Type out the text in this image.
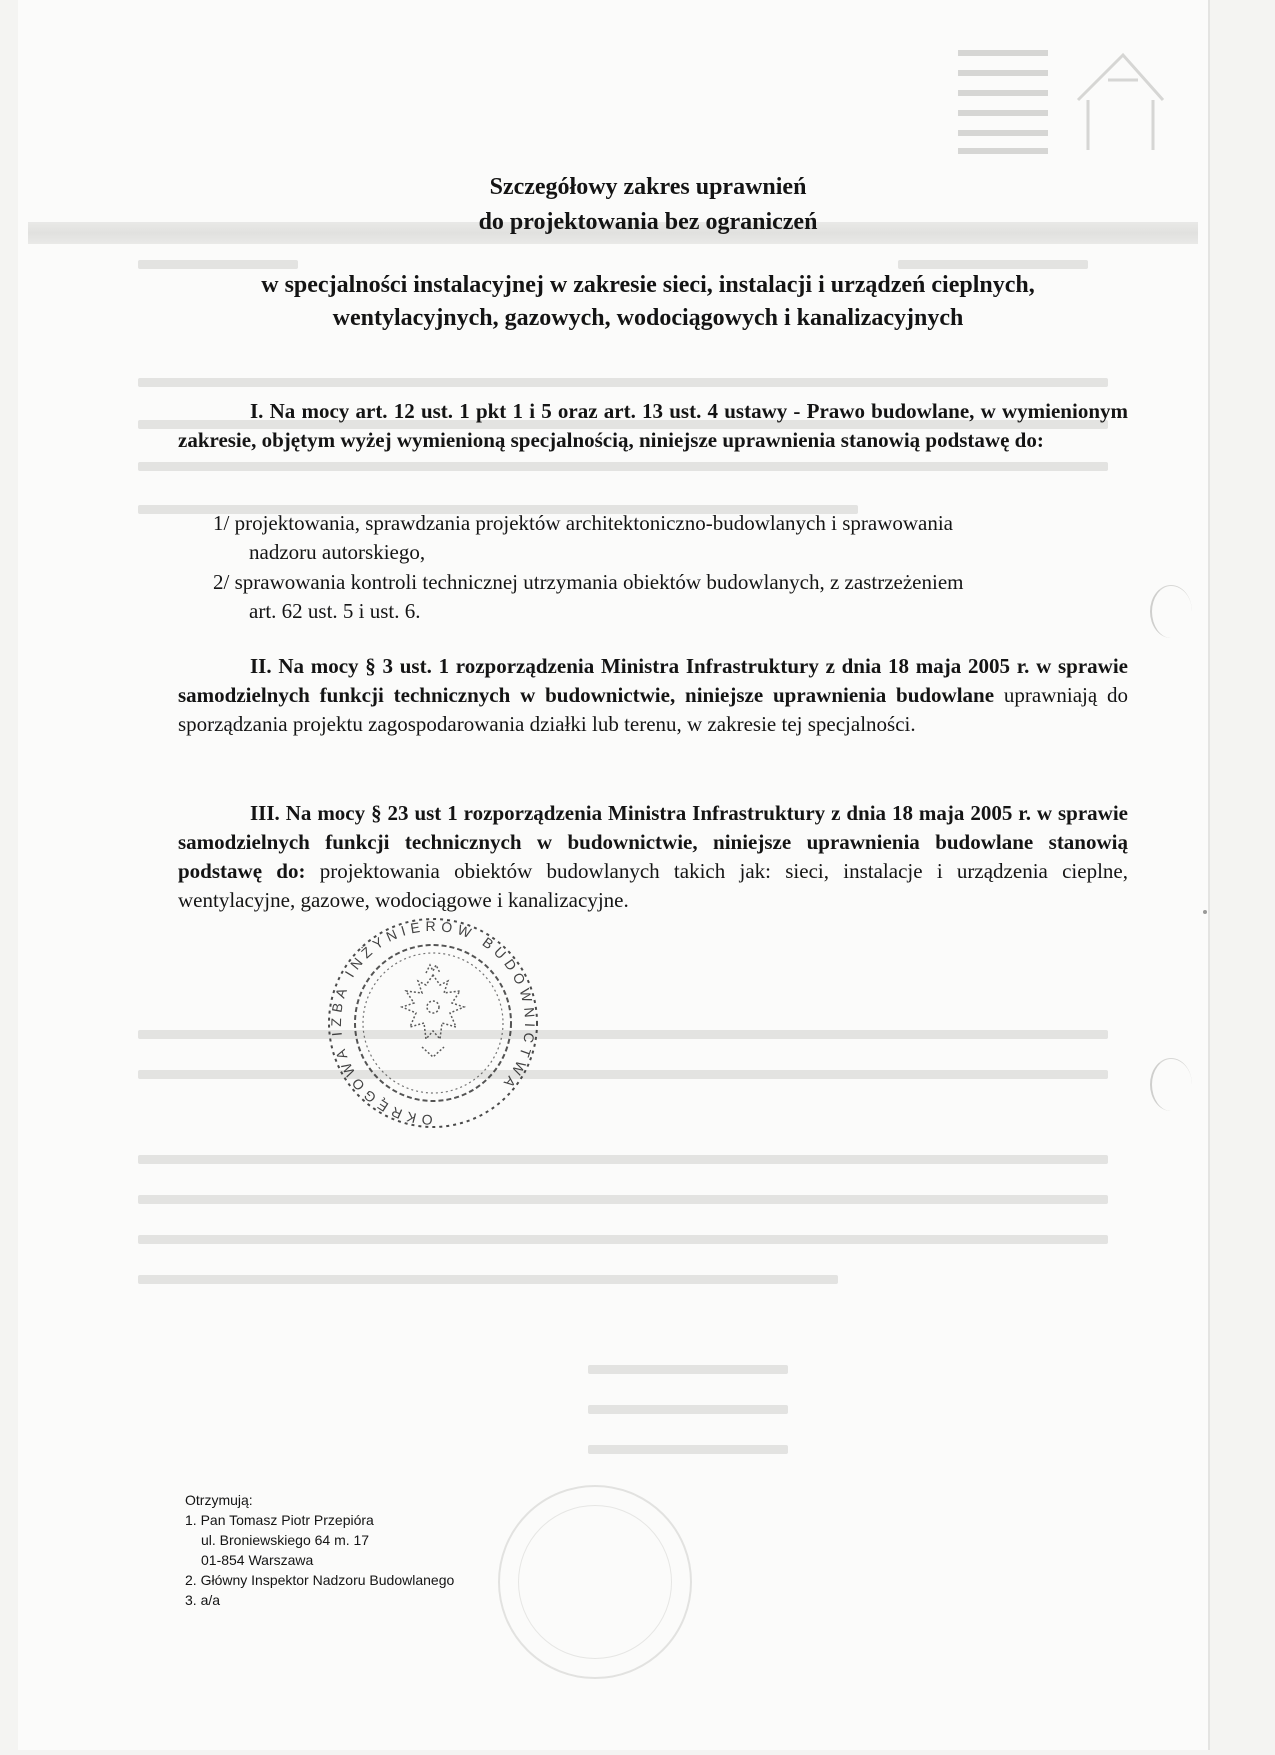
Szczegółowy zakres uprawnień
do projektowania bez ograniczeń
w specjalności instalacyjnej w zakresie sieci, instalacji i urządzeń cieplnych,
wentylacyjnych, gazowych, wodociągowych i kanalizacyjnych
I. Na mocy art. 12 ust. 1 pkt 1 i 5 oraz art. 13 ust. 4 ustawy - Prawo budowlane, w wymienionym zakresie, objętym wyżej wymienioną specjalnością, niniejsze uprawnienia stanowią podstawę do:
1/ projektowania, sprawdzania projektów architektoniczno-budowlanych i sprawowania
nadzoru autorskiego,
2/ sprawowania kontroli technicznej utrzymania obiektów budowlanych, z zastrzeżeniem
art. 62 ust. 5 i ust. 6.
II. Na mocy § 3 ust. 1 rozporządzenia Ministra Infrastruktury z dnia 18 maja 2005 r. w sprawie samodzielnych funkcji technicznych w budownictwie, niniejsze uprawnienia budowlane uprawniają do sporządzania projektu zagospodarowania działki lub terenu, w zakresie tej specjalności.
III. Na mocy § 23 ust 1 rozporządzenia Ministra Infrastruktury z dnia 18 maja 2005 r. w sprawie samodzielnych funkcji technicznych w budownictwie, niniejsze uprawnienia budowlane stanowią podstawę do: projektowania obiektów budowlanych takich jak: sieci, instalacje i urządzenia cieplne, wentylacyjne, gazowe, wodociągowe i kanalizacyjne.
OKRĘGOWA IZBA INŻYNIERÓW BUDOWNICTWA
Otrzymują:
1. Pan Tomasz Piotr Przepióra
ul. Broniewskiego 64 m. 17
01-854 Warszawa
2. Główny Inspektor Nadzoru Budowlanego
3. a/a
